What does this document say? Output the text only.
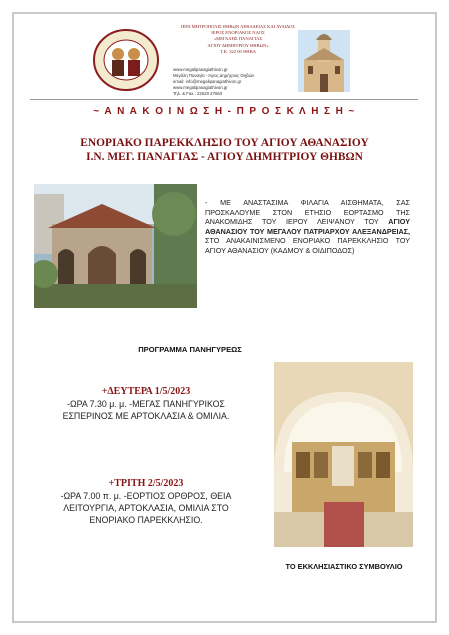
ΙΕΡΑ ΜΗΤΡΟΠΟΛΙΣ ΘΗΒΩΝ ΛΕΒΑΔΕΙΑΣ ΚΑΙ ΑΥΛΙΔΟΣ
ΙΕΡΟΣ ΕΝΟΡΙΑΚΟΣ ΝΑΟΣ
«ΜΕΓΑΛΗΣ ΠΑΝΑΓΙΑΣ
ΑΓΙΟΥ ΔΗΜΗΤΡΙΟΥ ΘΗΒΩΝ»
Τ.Κ. 322 00 ΘΗΒΑ
www.megalipanagiathivon.gr
Μεγάλη Παναγία - Άγιος Δημήτριος Θηβών
email: info@megalipanagiathivon.gr
www.megalipanagiathivon.gr
Τηλ. & Fax.: 22620 27663
~ Α Ν Α Κ Ο Ι Ν Ω Σ Η - Π Ρ Ο Σ Κ Λ Η Σ Η ~
ΕΝΟΡΙΑΚΟ ΠΑΡΕΚΚΛΗΣΙΟ ΤΟΥ ΑΓΙΟΥ ΑΘΑΝΑΣΙΟΥ
Ι.Ν. ΜΕΓ. ΠΑΝΑΓΙΑΣ - ΑΓΙΟΥ ΔΗΜΗΤΡΙΟΥ ΘΗΒΩΝ
- ΜΕ ΑΝΑΣΤΑΣΙΜΑ ΦΙΛΑΓΙΑ ΑΙΣΘΗΜΑΤΑ, ΣΑΣ ΠΡΟΣΚΑΛΟΥΜΕ ΣΤΟΝ ΕΤΗΣΙΟ ΕΟΡΤΑΣΜΟ ΤΗΣ ΑΝΑΚΟΜΙΔΗΣ ΤΟΥ ΙΕΡΟΥ ΛΕΙΨΑΝΟΥ ΤΟΥ ΑΓΙΟΥ ΑΘΑΝΑΣΙΟΥ ΤΟΥ ΜΕΓΑΛΟΥ ΠΑΤΡΙΑΡΧΟΥ ΑΛΕΞΑΝΔΡΕΙΑΣ, ΣΤΟ ΑΝΑΚΑΙΝΙΣΜΕΝΟ ΕΝΟΡΙΑΚΟ ΠΑΡΕΚΚΛΗΣΙΟ ΤΟΥ ΑΓΙΟΥ ΑΘΑΝΑΣΙΟΥ (ΚΑΔΜΟΥ & ΟΙΔΙΠΟΔΟΣ)
ΠΡΟΓΡΑΜΜΑ ΠΑΝΗΓΥΡΕΩΣ
+ΔΕΥΤΕΡΑ 1/5/2023
-ΩΡΑ 7.30 μ. μ. -ΜΕΓΑΣ ΠΑΝΗΓΥΡΙΚΟΣ
ΕΣΠΕΡΙΝΟΣ ΜΕ ΑΡΤΟΚΛΑΣΙΑ & ΟΜΙΛΙΑ.
+ΤΡΙΤΗ 2/5/2023
-ΩΡΑ 7.00 π. μ. -ΕΟΡΤΙΟΣ ΟΡΘΡΟΣ, ΘΕΙΑ
ΛΕΙΤΟΥΡΓΙΑ, ΑΡΤΟΚΛΑΣΙΑ, ΟΜΙΛΙΑ ΣΤΟ
ΕΝΟΡΙΑΚΟ ΠΑΡΕΚΚΛΗΣΙΟ.
ΤΟ ΕΚΚΛΗΣΙΑΣΤΙΚΟ ΣΥΜΒΟΥΛΙΟ
